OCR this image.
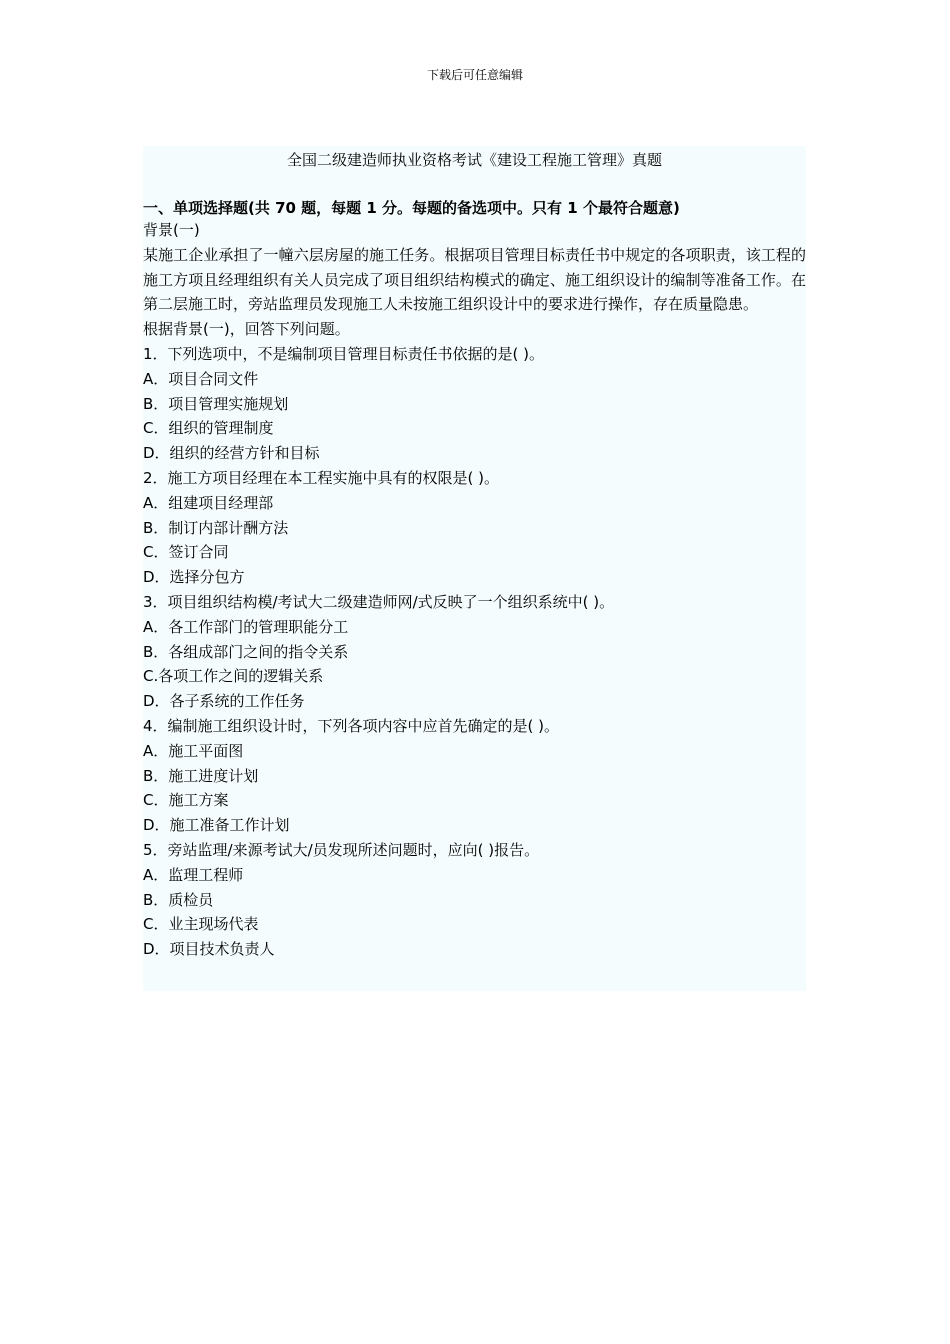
下载后可任意编辑
全国二级建造师执业资格考试《建设工程施工管理》真题
一、单项选择题(共 70 题，每题 1 分。每题的备选项中。只有 1 个最符合题意)
背景(一)
某施工企业承担了一幢六层房屋的施工任务。根据项目管理目标责任书中规定的各项职责，该工程的施工方项且经理组织有关人员完成了项目组织结构模式的确定、施工组织设计的编制等准备工作。在第二层施工时，旁站监理员发现施工人未按施工组织设计中的要求进行操作，存在质量隐患。
根据背景(一)，回答下列问题。
1．下列选项中，不是编制项目管理目标责任书依据的是( )。
A．项目合同文件
B．项目管理实施规划
C．组织的管理制度
D．组织的经营方针和目标
2．施工方项目经理在本工程实施中具有的权限是( )。
A．组建项目经理部
B．制订内部计酬方法
C．签订合同
D．选择分包方
3．项目组织结构模/考试大二级建造师网/式反映了一个组织系统中( )。
A．各工作部门的管理职能分工
B．各组成部门之间的指令关系
C.各项工作之间的逻辑关系
D．各子系统的工作任务
4．编制施工组织设计时，下列各项内容中应首先确定的是( )。
A．施工平面图
B．施工进度计划
C．施工方案
D．施工准备工作计划
5．旁站监理/来源考试大/员发现所述问题时，应向( )报告。
A．监理工程师
B．质检员
C．业主现场代表
D．项目技术负责人
